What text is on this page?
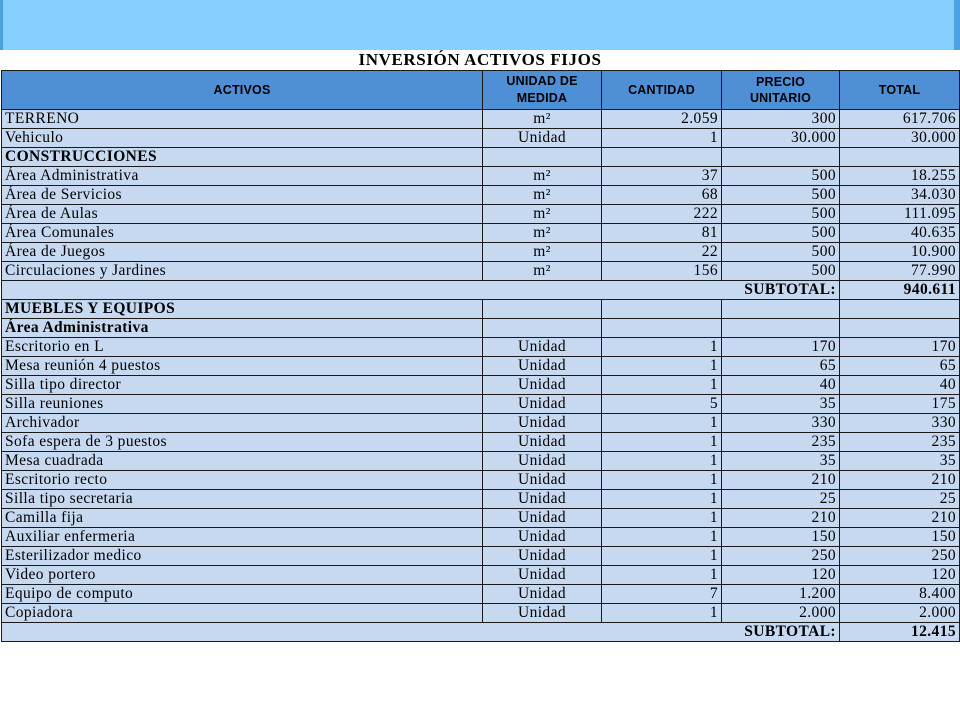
INVERSIÓN ACTIVOS FIJOS
ACTIVOS	UNIDAD DE MEDIDA	CANTIDAD	PRECIO UNITARIO	TOTAL
TERRENO	m²	2.059	300	617.706
Vehiculo	Unidad	1	30.000	30.000
CONSTRUCCIONES				
Área Administrativa	m²	37	500	18.255
Área de Servicios	m²	68	500	34.030
Área de Aulas	m²	222	500	111.095
Área Comunales	m²	81	500	40.635
Área de Juegos	m²	22	500	10.900
Circulaciones y Jardines	m²	156	500	77.990
SUBTOTAL:				940.611
MUEBLES Y EQUIPOS				
Área Administrativa				
Escritorio en L	Unidad	1	170	170
Mesa reunión 4 puestos	Unidad	1	65	65
Silla tipo director	Unidad	1	40	40
Silla reuniones	Unidad	5	35	175
Archivador	Unidad	1	330	330
Sofa espera de 3 puestos	Unidad	1	235	235
Mesa cuadrada	Unidad	1	35	35
Escritorio recto	Unidad	1	210	210
Silla tipo secretaria	Unidad	1	25	25
Camilla fija	Unidad	1	210	210
Auxiliar enfermeria	Unidad	1	150	150
Esterilizador medico	Unidad	1	250	250
Video portero	Unidad	1	120	120
Equipo de computo	Unidad	7	1.200	8.400
Copiadora	Unidad	1	2.000	2.000
SUBTOTAL:				12.415
